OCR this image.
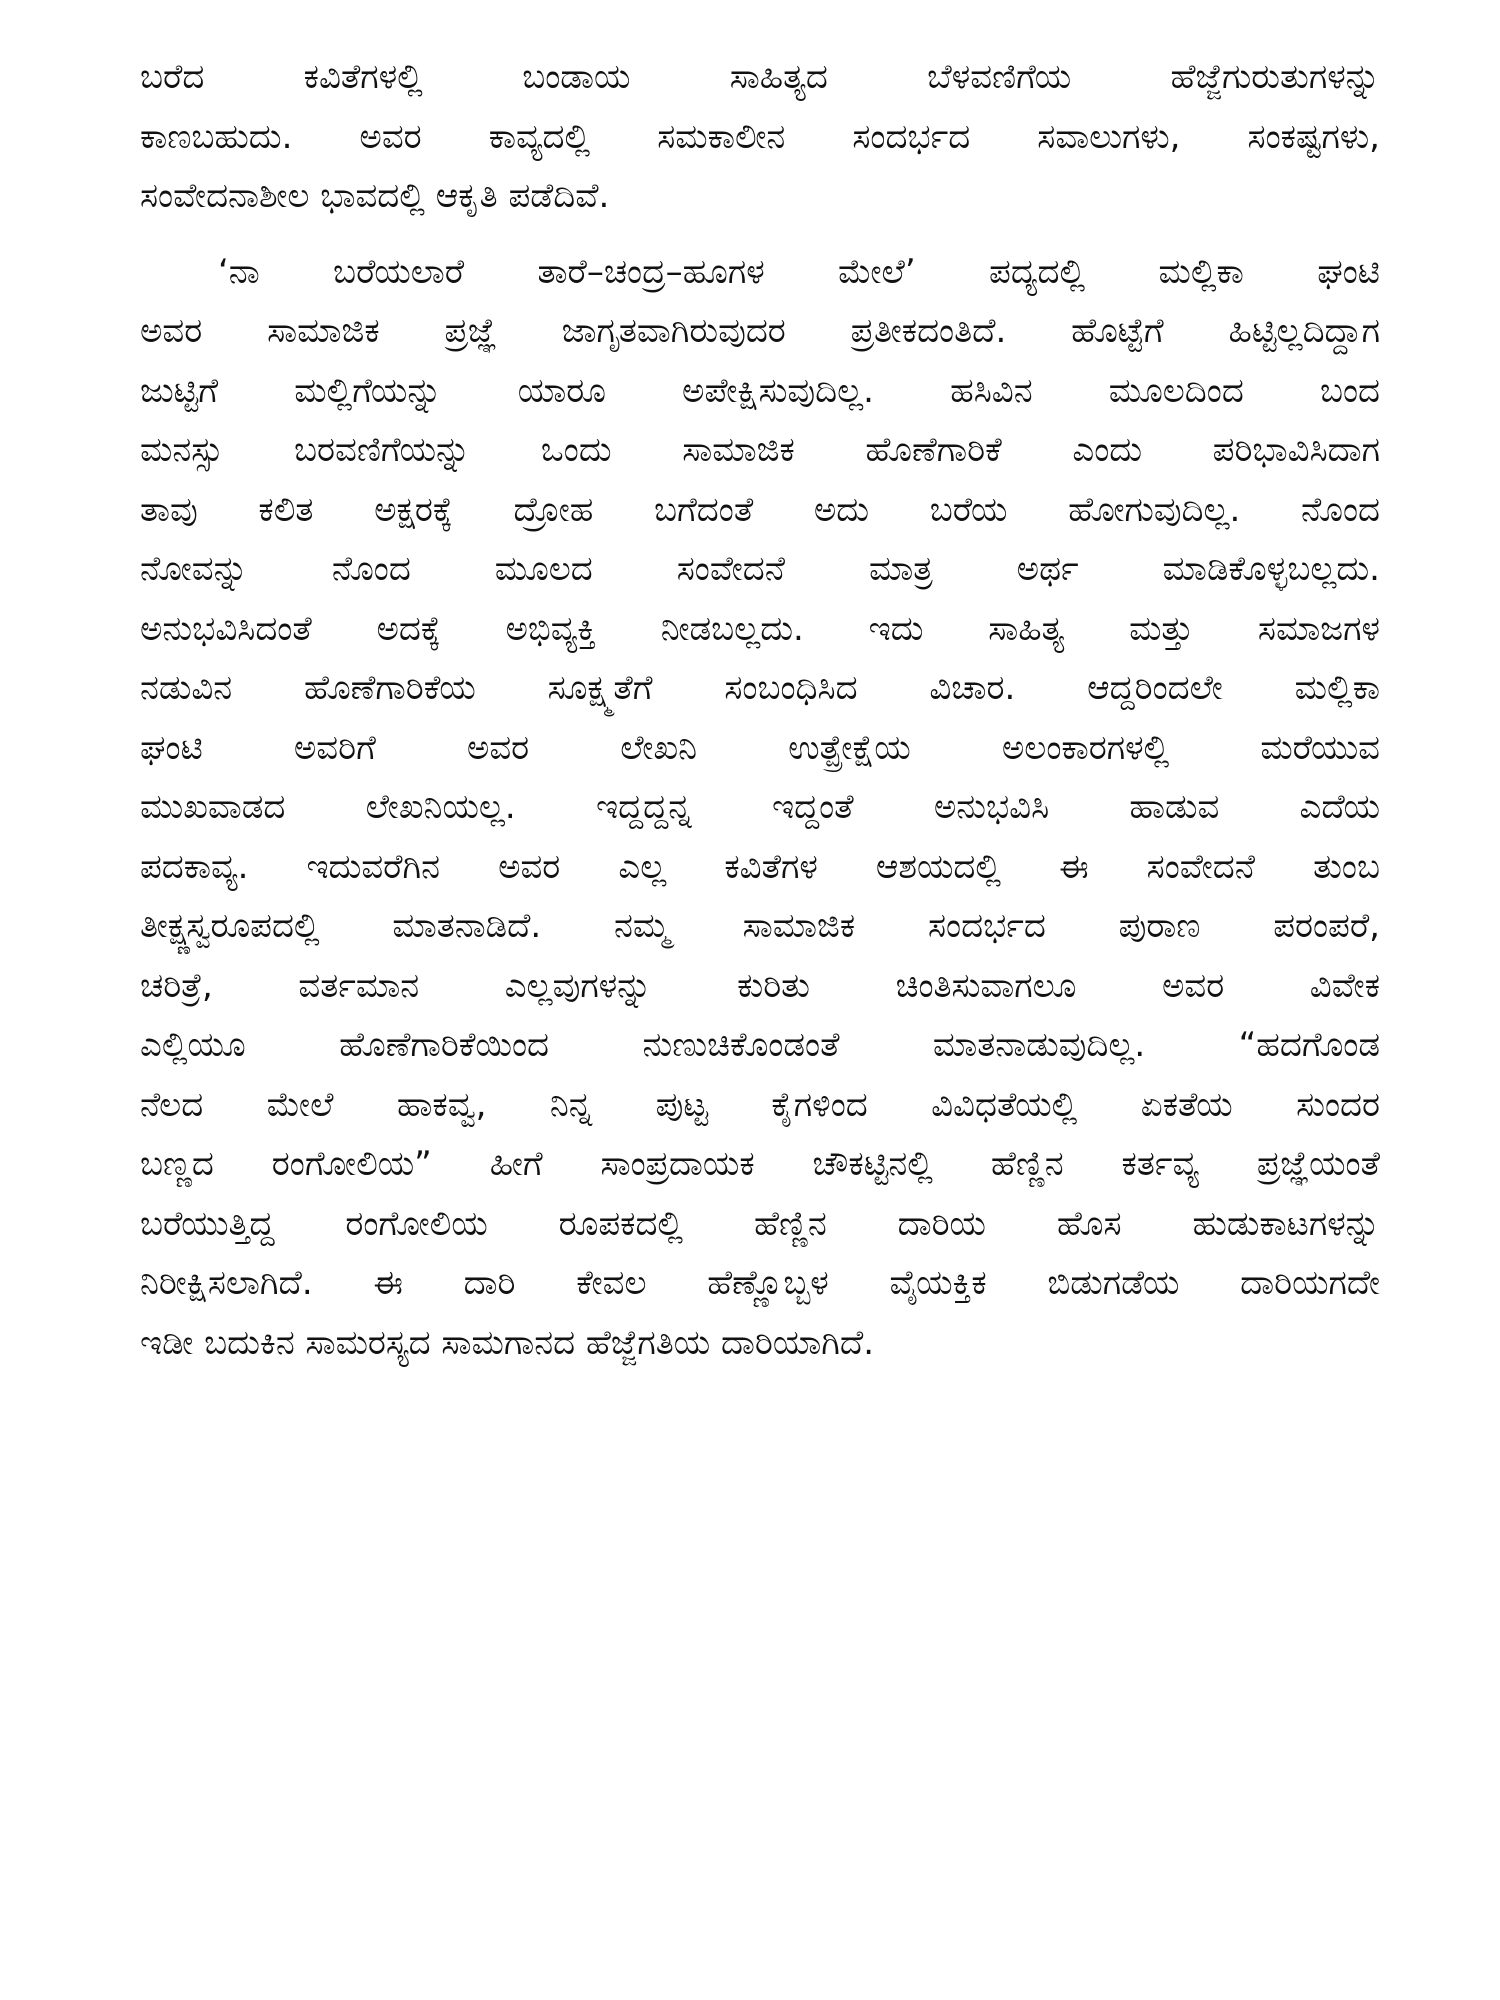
ಬರೆದ ಕವಿತೆಗಳಲ್ಲಿ ಬಂಡಾಯ ಸಾಹಿತ್ಯದ ಬೆಳವಣಿಗೆಯ ಹೆಜ್ಜೆಗುರುತುಗಳನ್ನು
ಕಾಣಬಹುದು. ಅವರ ಕಾವ್ಯದಲ್ಲಿ ಸಮಕಾಲೀನ ಸಂದರ್ಭದ ಸವಾಲುಗಳು, ಸಂಕಷ್ಟಗಳು,
ಸಂವೇದನಾಶೀಲ ಭಾವದಲ್ಲಿ ಆಕೃತಿ ಪಡೆದಿವೆ.

‘ನಾ ಬರೆಯಲಾರೆ ತಾರೆ–ಚಂದ್ರ–ಹೂಗಳ ಮೇಲೆ’ ಪದ್ಯದಲ್ಲಿ ಮಲ್ಲಿಕಾ ಘಂಟಿ
ಅವರ ಸಾಮಾಜಿಕ ಪ್ರಜ್ಞೆ ಜಾಗೃತವಾಗಿರುವುದರ ಪ್ರತೀಕದಂತಿದೆ. ಹೊಟ್ಟೆಗೆ ಹಿಟ್ಟಿಲ್ಲದಿದ್ದಾಗ
ಜುಟ್ಟಿಗೆ ಮಲ್ಲಿಗೆಯನ್ನು ಯಾರೂ ಅಪೇಕ್ಷಿಸುವುದಿಲ್ಲ. ಹಸಿವಿನ ಮೂಲದಿಂದ ಬಂದ
ಮನಸ್ಸು ಬರವಣಿಗೆಯನ್ನು ಒಂದು ಸಾಮಾಜಿಕ ಹೊಣೆಗಾರಿಕೆ ಎಂದು ಪರಿಭಾವಿಸಿದಾಗ
ತಾವು ಕಲಿತ ಅಕ್ಷರಕ್ಕೆ ದ್ರೋಹ ಬಗೆದಂತೆ ಅದು ಬರೆಯ ಹೋಗುವುದಿಲ್ಲ. ನೊಂದ
ನೋವನ್ನು ನೊಂದ ಮೂಲದ ಸಂವೇದನೆ ಮಾತ್ರ ಅರ್ಥ ಮಾಡಿಕೊಳ್ಳಬಲ್ಲದು.
ಅನುಭವಿಸಿದಂತೆ ಅದಕ್ಕೆ ಅಭಿವ್ಯಕ್ತಿ ನೀಡಬಲ್ಲದು. ಇದು ಸಾಹಿತ್ಯ ಮತ್ತು ಸಮಾಜಗಳ
ನಡುವಿನ ಹೊಣೆಗಾರಿಕೆಯ ಸೂಕ್ಷ್ಮತೆಗೆ ಸಂಬಂಧಿಸಿದ ವಿಚಾರ. ಆದ್ದರಿಂದಲೇ ಮಲ್ಲಿಕಾ
ಘಂಟಿ ಅವರಿಗೆ ಅವರ ಲೇಖನಿ ಉತ್ಪ್ರೇಕ್ಷೆಯ ಅಲಂಕಾರಗಳಲ್ಲಿ ಮರೆಯುವ
ಮುಖವಾಡದ ಲೇಖನಿಯಲ್ಲ. ಇದ್ದದ್ದನ್ನ ಇದ್ದಂತೆ ಅನುಭವಿಸಿ ಹಾಡುವ ಎದೆಯ
ಪದಕಾವ್ಯ. ಇದುವರೆಗಿನ ಅವರ ಎಲ್ಲ ಕವಿತೆಗಳ ಆಶಯದಲ್ಲಿ ಈ ಸಂವೇದನೆ ತುಂಬ
ತೀಕ್ಷ್ಣಸ್ವರೂಪದಲ್ಲಿ ಮಾತನಾಡಿದೆ. ನಮ್ಮ ಸಾಮಾಜಿಕ ಸಂದರ್ಭದ ಪುರಾಣ ಪರಂಪರೆ,
ಚರಿತ್ರೆ, ವರ್ತಮಾನ ಎಲ್ಲವುಗಳನ್ನು ಕುರಿತು ಚಿಂತಿಸುವಾಗಲೂ ಅವರ ವಿವೇಕ
ಎಲ್ಲಿಯೂ ಹೊಣೆಗಾರಿಕೆಯಿಂದ ನುಣುಚಿಕೊಂಡಂತೆ ಮಾತನಾಡುವುದಿಲ್ಲ. “ಹದಗೊಂಡ
ನೆಲದ ಮೇಲೆ ಹಾಕವ್ವ, ನಿನ್ನ ಪುಟ್ಟ ಕೈಗಳಿಂದ ವಿವಿಧತೆಯಲ್ಲಿ ಏಕತೆಯ ಸುಂದರ
ಬಣ್ಣದ ರಂಗೋಲಿಯ” ಹೀಗೆ ಸಾಂಪ್ರದಾಯಕ ಚೌಕಟ್ಟಿನಲ್ಲಿ ಹೆಣ್ಣಿನ ಕರ್ತವ್ಯ ಪ್ರಜ್ಞೆಯಂತೆ
ಬರೆಯುತ್ತಿದ್ದ ರಂಗೋಲಿಯ ರೂಪಕದಲ್ಲಿ ಹೆಣ್ಣಿನ ದಾರಿಯ ಹೊಸ ಹುಡುಕಾಟಗಳನ್ನು
ನಿರೀಕ್ಷಿಸಲಾಗಿದೆ. ಈ ದಾರಿ ಕೇವಲ ಹೆಣ್ಣೊಬ್ಬಳ ವೈಯಕ್ತಿಕ ಬಿಡುಗಡೆಯ ದಾರಿಯಗದೇ
ಇಡೀ ಬದುಕಿನ ಸಾಮರಸ್ಯದ ಸಾಮಗಾನದ ಹೆಜ್ಜೆಗತಿಯ ದಾರಿಯಾಗಿದೆ.
